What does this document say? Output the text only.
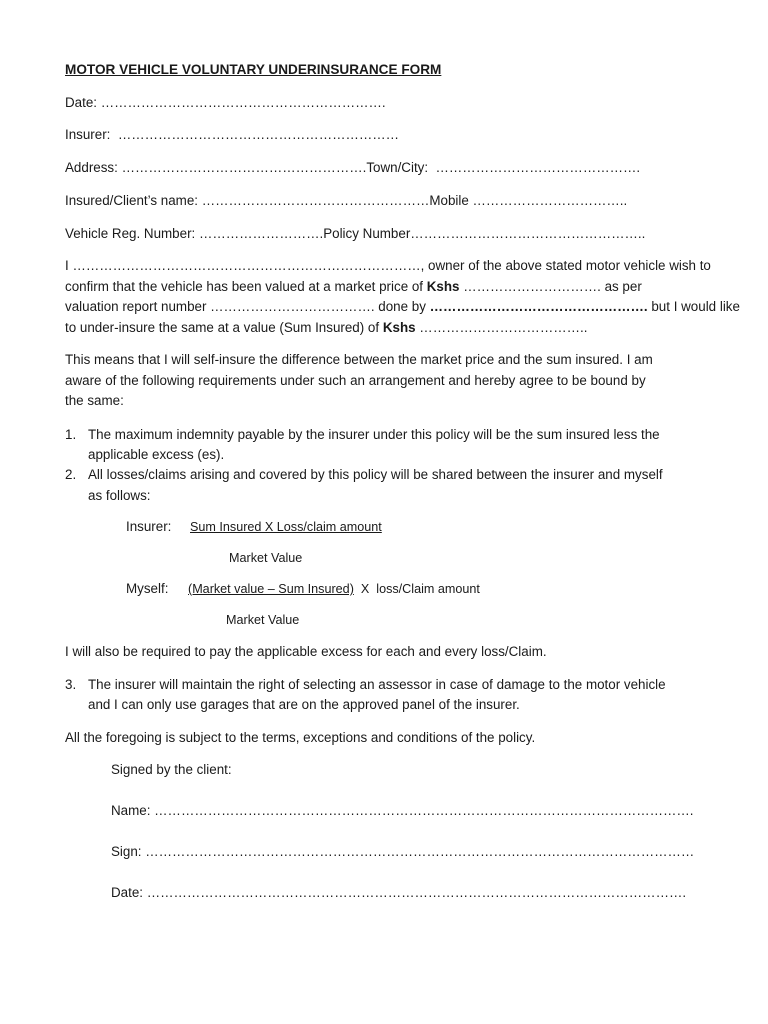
MOTOR VEHICLE VOLUNTARY UNDERINSURANCE FORM
Date: ……………………………………………………….
Insurer:  ………………………………………………………
Address: ……………………………………………….Town/City:  ……………………………………….
Insured/Client’s name: ……………………………………………Mobile ……………………………..
Vehicle Reg. Number: ……………………….Policy Number……………………………………………..
I ……………………………………………………………………, owner of the above stated motor vehicle wish to
confirm that the vehicle has been valued at a market price of Kshs …………………………. as per
valuation report number ………………………………. done by …………………………………………. but I would like
to under-insure the same at a value (Sum Insured) of Kshs ………………………………..
This means that I will self-insure the difference between the market price and the sum insured. I am
aware of the following requirements under such an arrangement and hereby agree to be bound by
the same:
1. The maximum indemnity payable by the insurer under this policy will be the sum insured less the
applicable excess (es).
2. All losses/claims arising and covered by this policy will be shared between the insurer and myself
as follows:
Insurer: Sum Insured X Loss/claim amount
Market Value
Myself: (Market value – Sum Insured) X  loss/Claim amount
Market Value
I will also be required to pay the applicable excess for each and every loss/Claim.
3. The insurer will maintain the right of selecting an assessor in case of damage to the motor vehicle
and I can only use garages that are on the approved panel of the insurer.
All the foregoing is subject to the terms, exceptions and conditions of the policy.
Signed by the client:
Name: ………………………………………………………………………………………………………….
Sign: ……………………………………………………………………………………………………………
Date: ………………………………………………………………………………………………………….
